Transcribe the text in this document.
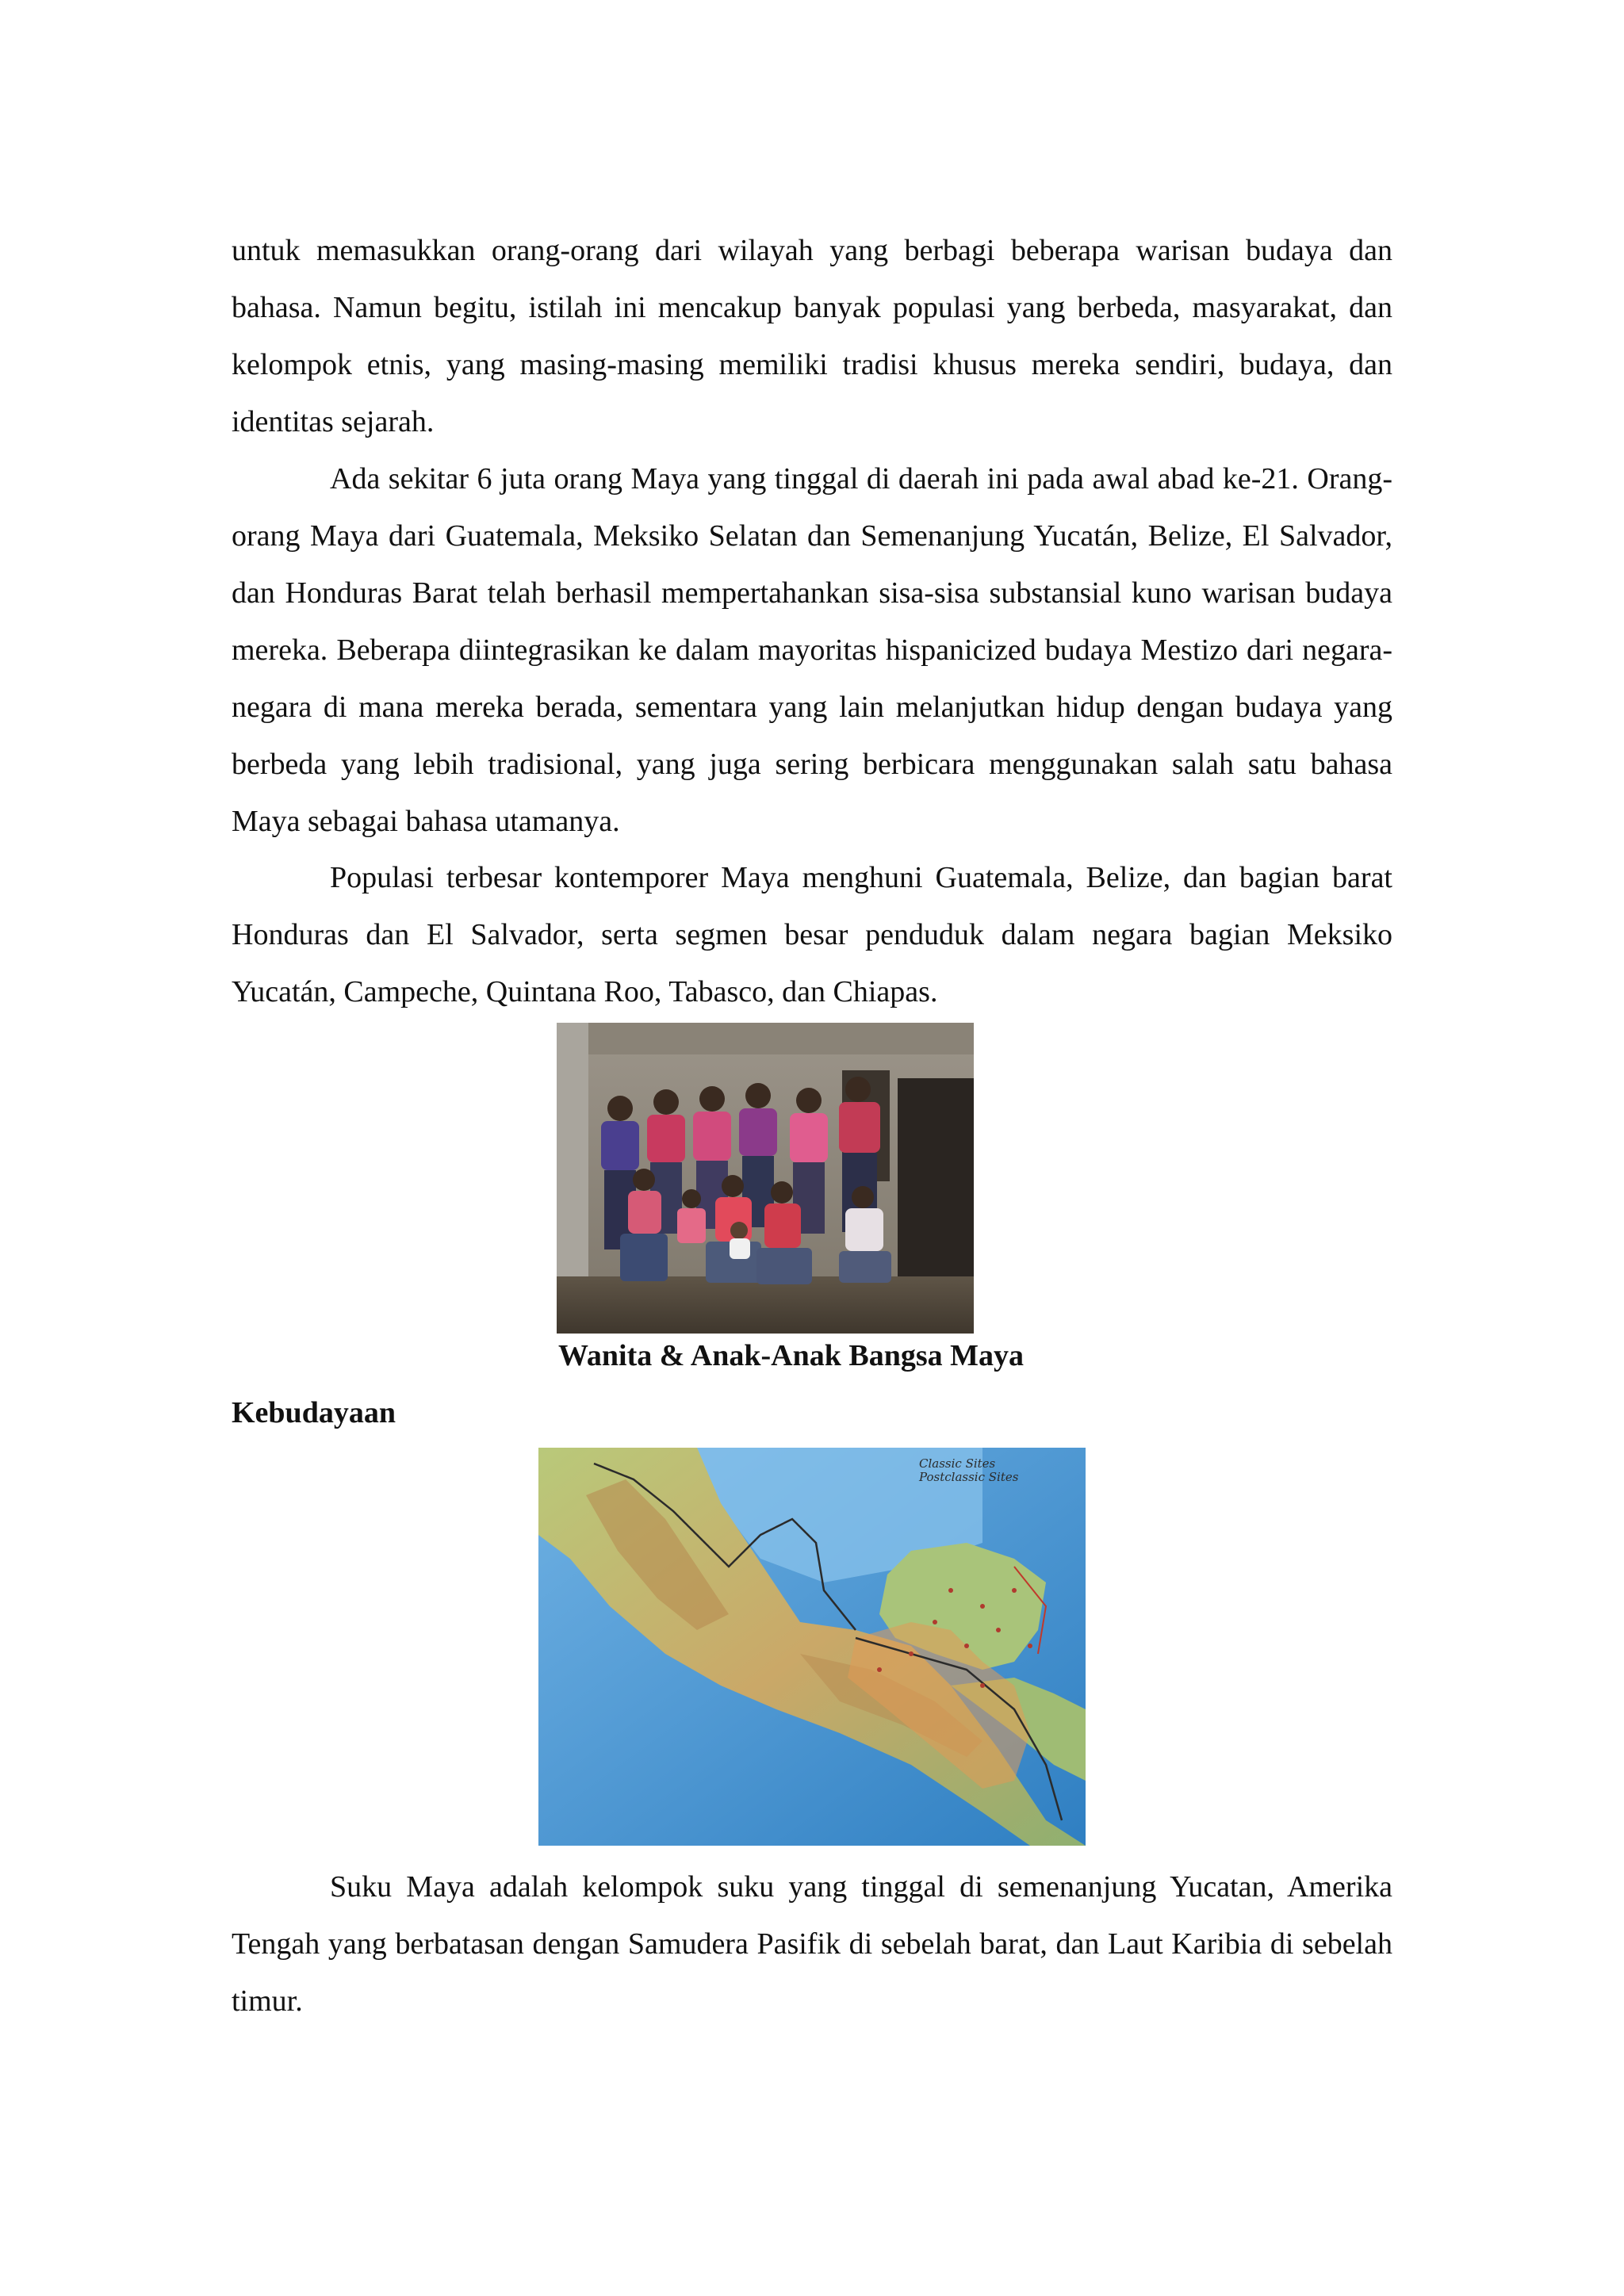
untuk memasukkan orang-orang dari wilayah yang berbagi beberapa warisan budaya dan bahasa. Namun begitu, istilah ini mencakup banyak populasi yang berbeda, masyarakat, dan kelompok etnis, yang masing-masing memiliki tradisi khusus mereka sendiri, budaya, dan identitas sejarah.

Ada sekitar 6 juta orang Maya yang tinggal di daerah ini pada awal abad ke-21. Orang-orang Maya dari Guatemala, Meksiko Selatan dan Semenanjung Yucatán, Belize, El Salvador, dan Honduras Barat telah berhasil mempertahankan sisa-sisa substansial kuno warisan budaya mereka. Beberapa diintegrasikan ke dalam mayoritas hispanicized budaya Mestizo dari negara-negara di mana mereka berada, sementara yang lain melanjutkan hidup dengan budaya yang berbeda yang lebih tradisional, yang juga sering berbicara menggunakan salah satu bahasa Maya sebagai bahasa utamanya.

Populasi terbesar kontemporer Maya menghuni Guatemala, Belize, dan bagian barat Honduras dan El Salvador, serta segmen besar penduduk dalam negara bagian Meksiko Yucatán, Campeche, Quintana Roo, Tabasco, dan Chiapas.

Wanita & Anak-Anak Bangsa Maya
Kebudayaan
Classic Sites
Postclassic Sites

Suku Maya adalah kelompok suku yang tinggal di semenanjung Yucatan, Amerika Tengah yang berbatasan dengan Samudera Pasifik di sebelah barat, dan Laut Karibia di sebelah timur.
